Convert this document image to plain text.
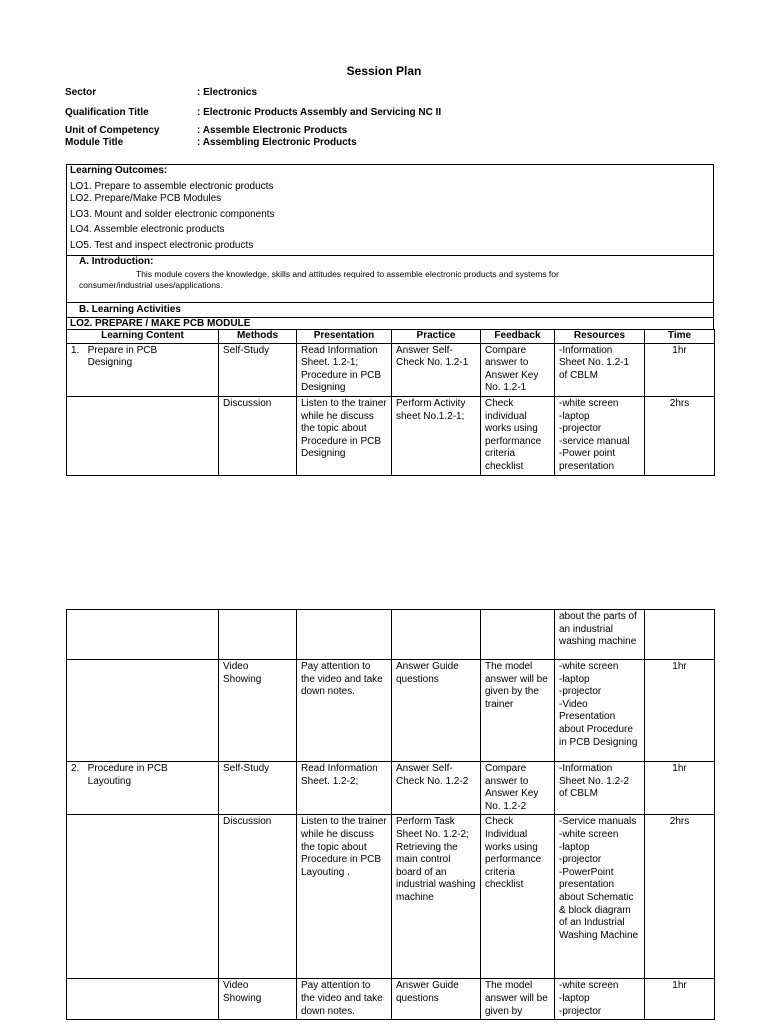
Session Plan
Sector	: Electronics
Qualification Title	: Electronic Products Assembly and Servicing NC II
Unit of Competency	: Assemble Electronic Products
Module Title	: Assembling Electronic Products
Learning Outcomes:
LO1. Prepare to assemble electronic products
LO2. Prepare/Make PCB Modules
LO3. Mount and solder electronic components
LO4. Assemble electronic products
LO5. Test and inspect electronic products
A. Introduction:
This module covers the knowledge, skills and attitudes required to assemble electronic products and systems for
consumer/industrial uses/applications.
B. Learning Activities
LO2. PREPARE / MAKE PCB MODULE
Learning Content	Methods	Presentation	Practice	Feedback	Resources	Time
1.   Prepare in PCB
Designing	Self-Study	Read Information Sheet. 1.2-1; Procedure in PCB Designing	Answer Self-Check No. 1.2-1	Compare answer to Answer Key No. 1.2-1	-Information Sheet No. 1.2-1 of CBLM	1hr
	Discussion	Listen to the trainer while he discuss the topic about Procedure in PCB Designing	Perform Activity sheet No.1.2-1;	Check individual works using performance criteria checklist	-white screen
-laptop
-projector
-service manual
-Power point presentation	2hrs
					about the parts of an industrial washing machine	
	Video
Showing	Pay attention to the video and take down notes.	Answer Guide questions	The model answer will be given by the trainer	-white screen
-laptop
-projector
-Video Presentation about Procedure in PCB Designing	1hr
2.   Procedure in PCB
Layouting	Self-Study	Read Information Sheet. 1.2-2;	Answer Self-Check No. 1.2-2	Compare answer to Answer Key No. 1.2-2	-Information Sheet No. 1.2-2 of CBLM	1hr
	Discussion	Listen to the trainer while he discuss the topic about Procedure in PCB Layouting .	Perform Task Sheet No. 1.2-2; Retrieving the main control board of an industrial washing machine	Check Individual works using performance criteria checklist	-Service manuals
-white screen
-laptop
-projector
-PowerPoint presentation about Schematic & block diagram of an Industrial Washing Machine	2hrs
	Video
Showing	Pay attention to the video and take down notes.	Answer Guide questions	The model answer will be given by	-white screen
-laptop
-projector	1hr
